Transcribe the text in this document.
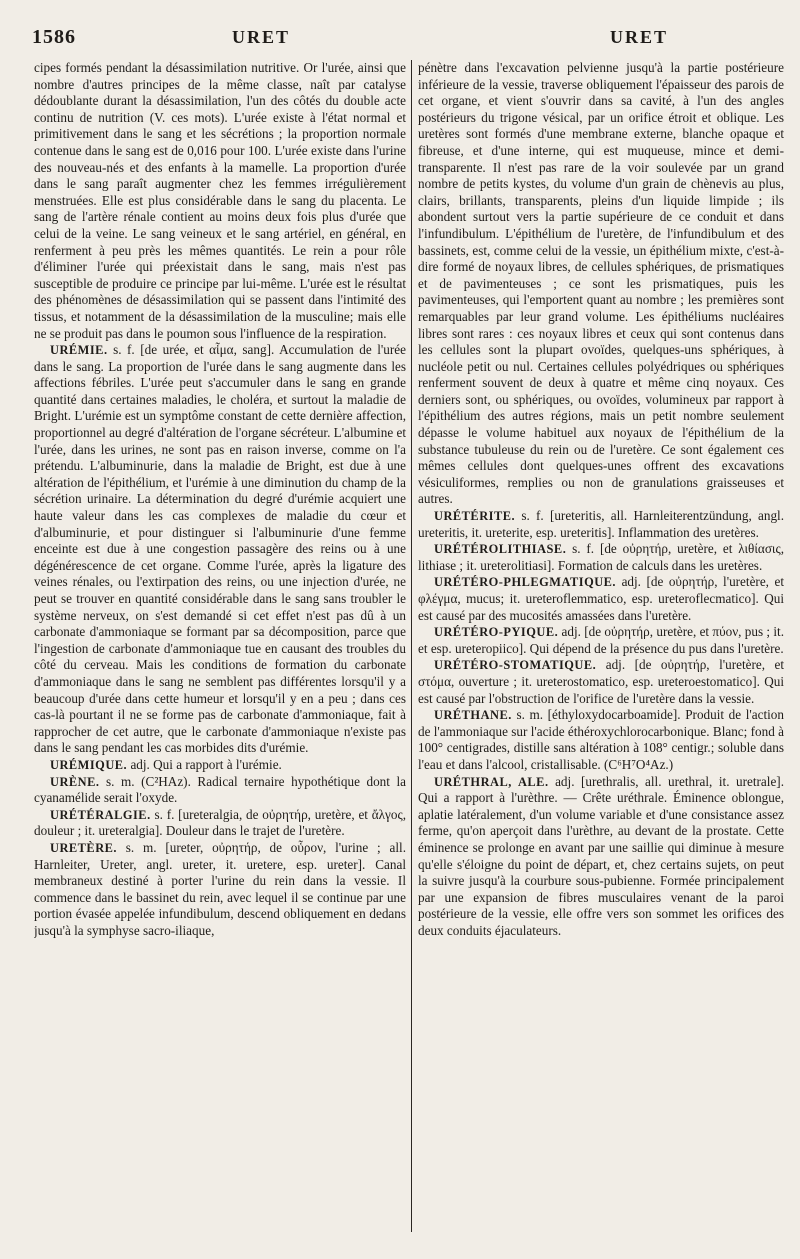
1586	URET	URET

cipes formés pendant la désassimilation nutritive. Or l'urée, ainsi que nombre d'autres principes de la même classe, naît par catalyse dédoublante durant la désassimilation, l'un des côtés du double acte continu de nutrition (V. ces mots). L'urée existe à l'état normal et primitivement dans le sang et les sécrétions ; la proportion normale contenue dans le sang est de 0,016 pour 100. L'urée existe dans l'urine des nouveau-nés et des enfants à la mamelle. La proportion d'urée dans le sang paraît augmenter chez les femmes irrégulièrement menstruées. Elle est plus considérable dans le sang du placenta. Le sang de l'artère rénale contient au moins deux fois plus d'urée que celui de la veine. Le sang veineux et le sang artériel, en général, en renferment à peu près les mêmes quantités. Le rein a pour rôle d'éliminer l'urée qui préexistait dans le sang, mais n'est pas susceptible de produire ce principe par lui-même. L'urée est le résultat des phénomènes de désassimilation qui se passent dans l'intimité des tissus, et notamment de la désassimilation de la musculine; mais elle ne se produit pas dans le poumon sous l'influence de la respiration.

URÉMIE. s. f. [de urée, et αἷμα, sang]. Accumulation de l'urée dans le sang. La proportion de l'urée dans le sang augmente dans les affections fébriles. L'urée peut s'accumuler dans le sang en grande quantité dans certaines maladies, le choléra, et surtout la maladie de Bright. L'urémie est un symptôme constant de cette dernière affection, proportionnel au degré d'altération de l'organe sécréteur. L'albumine et l'urée, dans les urines, ne sont pas en raison inverse, comme on l'a prétendu. L'albuminurie, dans la maladie de Bright, est due à une altération de l'épithélium, et l'urémie à une diminution du champ de la sécrétion urinaire. La détermination du degré d'urémie acquiert une haute valeur dans les cas complexes de maladie du cœur et d'albuminurie, et pour distinguer si l'albuminurie d'une femme enceinte est due à une congestion passagère des reins ou à une dégénérescence de cet organe. Comme l'urée, après la ligature des veines rénales, ou l'extirpation des reins, ou une injection d'urée, ne peut se trouver en quantité considérable dans le sang sans troubler le système nerveux, on s'est demandé si cet effet n'est pas dû à un carbonate d'ammoniaque se formant par sa décomposition, parce que l'ingestion de carbonate d'ammoniaque tue en causant des troubles du côté du cerveau. Mais les conditions de formation du carbonate d'ammoniaque dans le sang ne semblent pas différentes lorsqu'il y a beaucoup d'urée dans cette humeur et lorsqu'il y en a peu ; dans ces cas-là pourtant il ne se forme pas de carbonate d'ammoniaque, fait à rapprocher de cet autre, que le carbonate d'ammoniaque n'existe pas dans le sang pendant les cas morbides dits d'urémie.

URÉMIQUE. adj. Qui a rapport à l'urémie.

URÈNE. s. m. (C²HAz). Radical ternaire hypothétique dont la cyanamélide serait l'oxyde.

URÉTÉRALGIE. s. f. [ureteralgia, de οὐρητήρ, uretère, et ἄλγος, douleur ; it. ureteralgia]. Douleur dans le trajet de l'uretère.

URETÈRE. s. m. [ureter, οὐρητήρ, de οὖρον, l'urine ; all. Harnleiter, Ureter, angl. ureter, it. uretere, esp. ureter]. Canal membraneux destiné à porter l'urine du rein dans la vessie. Il commence dans le bassinet du rein, avec lequel il se continue par une portion évasée appelée infundibulum, descend obliquement en dedans jusqu'à la symphyse sacro-iliaque,

pénètre dans l'excavation pelvienne jusqu'à la partie postérieure inférieure de la vessie, traverse obliquement l'épaisseur des parois de cet organe, et vient s'ouvrir dans sa cavité, à l'un des angles postérieurs du trigone vésical, par un orifice étroit et oblique. Les uretères sont formés d'une membrane externe, blanche opaque et fibreuse, et d'une interne, qui est muqueuse, mince et demi-transparente. Il n'est pas rare de la voir soulevée par un grand nombre de petits kystes, du volume d'un grain de chènevis au plus, clairs, brillants, transparents, pleins d'un liquide limpide ; ils abondent surtout vers la partie supérieure de ce conduit et dans l'infundibulum. L'épithélium de l'uretère, de l'infundibulum et des bassinets, est, comme celui de la vessie, un épithélium mixte, c'est-à-dire formé de noyaux libres, de cellules sphériques, de prismatiques et de pavimenteuses ; ce sont les prismatiques, puis les pavimenteuses, qui l'emportent quant au nombre ; les premières sont remarquables par leur grand volume. Les épithéliums nucléaires libres sont rares : ces noyaux libres et ceux qui sont contenus dans les cellules sont la plupart ovoïdes, quelques-uns sphériques, à nucléole petit ou nul. Certaines cellules polyédriques ou sphériques renferment souvent de deux à quatre et même cinq noyaux. Ces derniers sont, ou sphériques, ou ovoïdes, volumineux par rapport à l'épithélium des autres régions, mais un petit nombre seulement dépasse le volume habituel aux noyaux de l'épithélium de la substance tubuleuse du rein ou de l'uretère. Ce sont également ces mêmes cellules dont quelques-unes offrent des excavations vésiculiformes, remplies ou non de granulations graisseuses et autres.

URÉTÉRITE. s. f. [ureteritis, all. Harnleiterentzündung, angl. ureteritis, it. ureterite, esp. ureteritis]. Inflammation des uretères.

URÉTÉROLITHIASE. s. f. [de οὐρητήρ, uretère, et λιθίασις, lithiase ; it. ureterolitiasi]. Formation de calculs dans les uretères.

URÉTÉRO-PHLEGMATIQUE. adj. [de οὐρητήρ, l'uretère, et φλέγμα, mucus; it. ureteroflemmatico, esp. ureteroflecmatico]. Qui est causé par des mucosités amassées dans l'uretère.

URÉTÉRO-PYIQUE. adj. [de οὐρητήρ, uretère, et πύον, pus ; it. et esp. ureteropiico]. Qui dépend de la présence du pus dans l'uretère.

URÉTÉRO-STOMATIQUE. adj. [de οὐρητήρ, l'uretère, et στόμα, ouverture ; it. ureterostomatico, esp. ureteroestomatico]. Qui est causé par l'obstruction de l'orifice de l'uretère dans la vessie.

URÉTHANE. s. m. [éthyloxydocarboamide]. Produit de l'action de l'ammoniaque sur l'acide éthéroxychlorocarbonique. Blanc; fond à 100° centigrades, distille sans altération à 108° centigr.; soluble dans l'eau et dans l'alcool, cristallisable. (C⁶H⁷O⁴Az.)

URÉTHRAL, ALE. adj. [urethralis, all. urethral, it. uretrale]. Qui a rapport à l'urèthre. — Crête uréthrale. Éminence oblongue, aplatie latéralement, d'un volume variable et d'une consistance assez ferme, qu'on aperçoit dans l'urèthre, au devant de la prostate. Cette éminence se prolonge en avant par une saillie qui diminue à mesure qu'elle s'éloigne du point de départ, et, chez certains sujets, on peut la suivre jusqu'à la courbure sous-pubienne. Formée principalement par une expansion de fibres musculaires venant de la paroi postérieure de la vessie, elle offre vers son sommet les orifices des deux conduits éjaculateurs.
